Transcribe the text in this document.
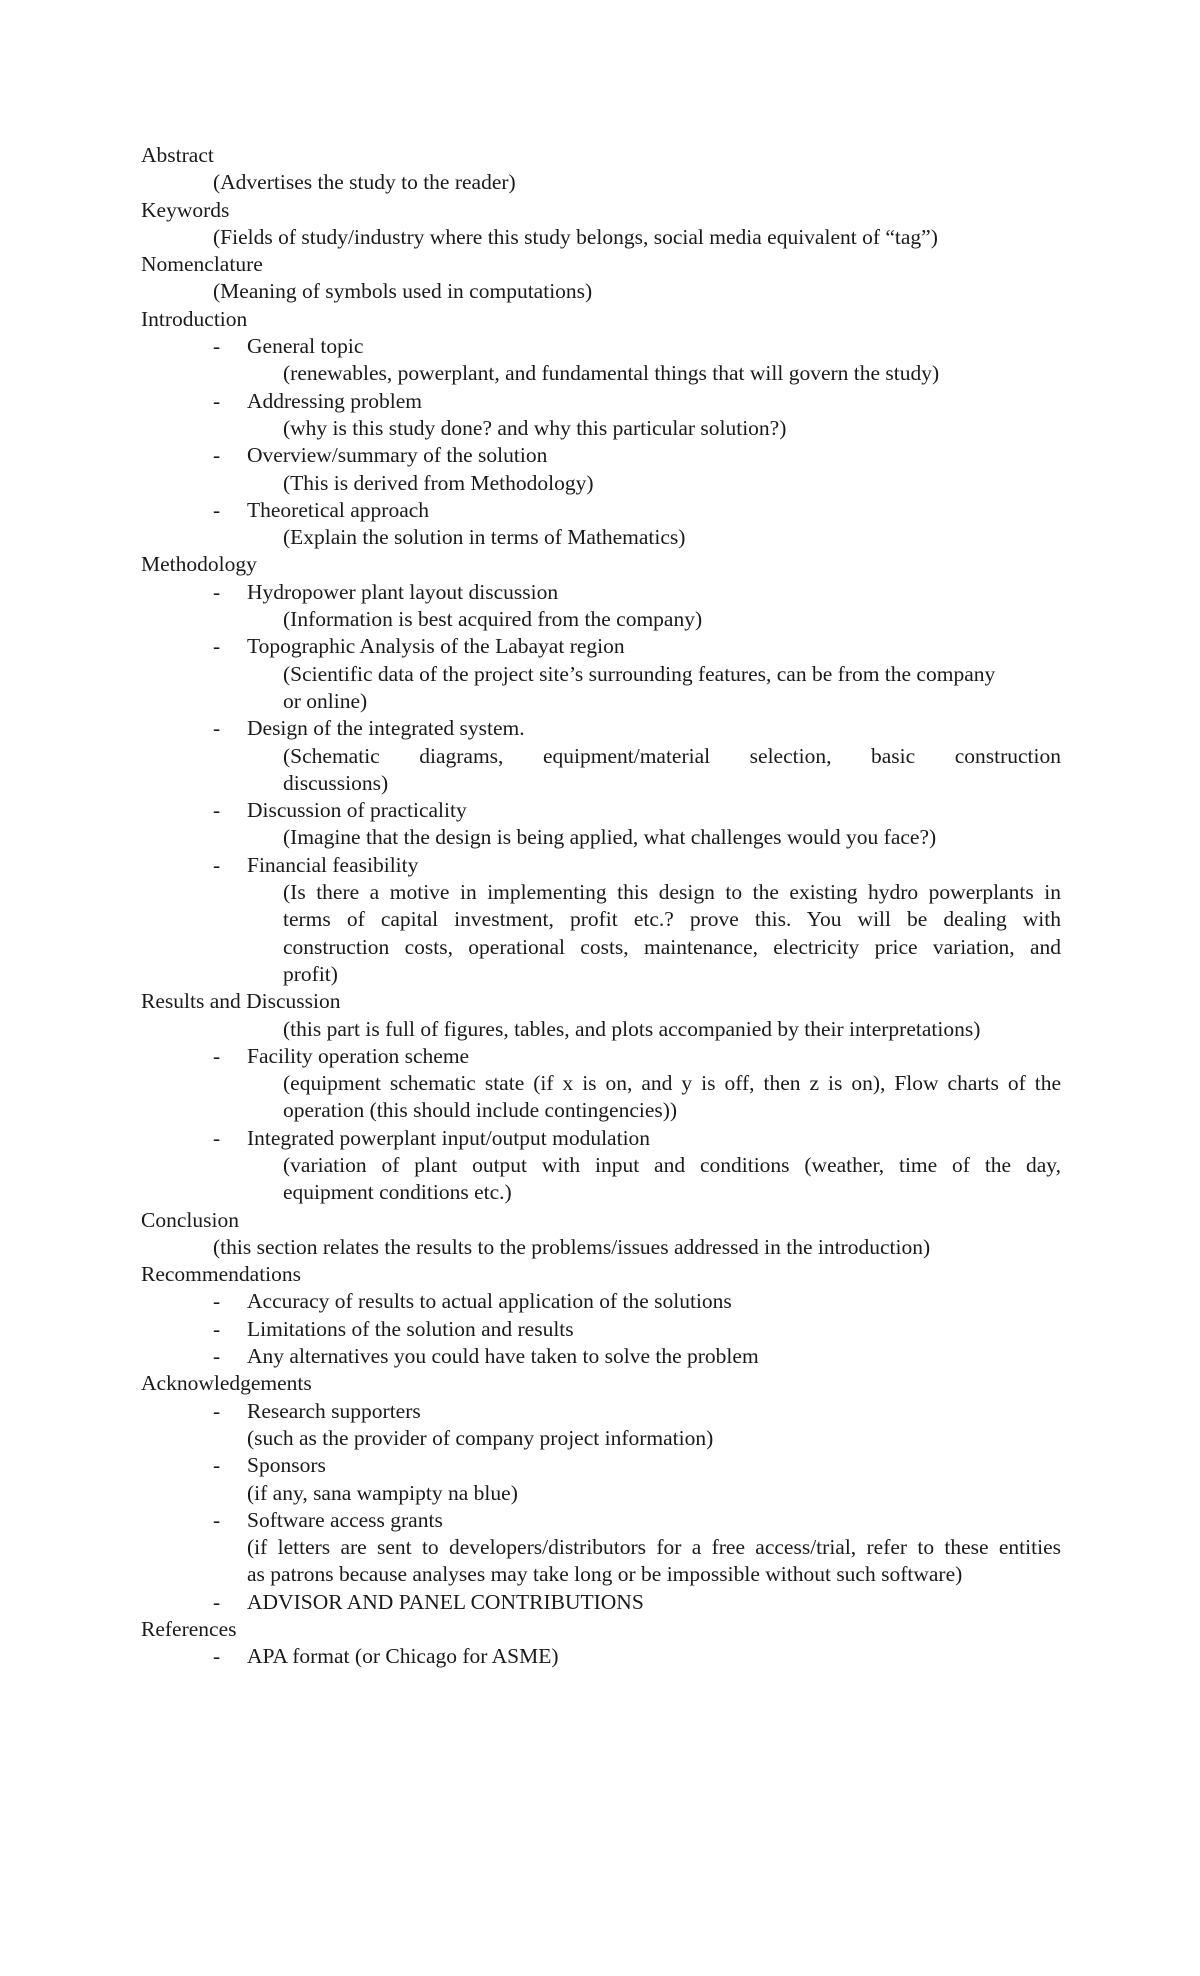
Abstract
(Advertises the study to the reader)
Keywords
(Fields of study/industry where this study belongs, social media equivalent of “tag”)
Nomenclature
(Meaning of symbols used in computations)
Introduction
- General topic
(renewables, powerplant, and fundamental things that will govern the study)
- Addressing problem
(why is this study done? and why this particular solution?)
- Overview/summary of the solution
(This is derived from Methodology)
- Theoretical approach
(Explain the solution in terms of Mathematics)
Methodology
- Hydropower plant layout discussion
(Information is best acquired from the company)
- Topographic Analysis of the Labayat region
(Scientific data of the project site’s surrounding features, can be from the company
or online)
- Design of the integrated system.
(Schematic diagrams, equipment/material selection, basic construction
discussions)
- Discussion of practicality
(Imagine that the design is being applied, what challenges would you face?)
- Financial feasibility
(Is there a motive in implementing this design to the existing hydro powerplants in
terms of capital investment, profit etc.? prove this. You will be dealing with
construction costs, operational costs, maintenance, electricity price variation, and
profit)
Results and Discussion
(this part is full of figures, tables, and plots accompanied by their interpretations)
- Facility operation scheme
(equipment schematic state (if x is on, and y is off, then z is on), Flow charts of the
operation (this should include contingencies))
- Integrated powerplant input/output modulation
(variation of plant output with input and conditions (weather, time of the day,
equipment conditions etc.)
Conclusion
(this section relates the results to the problems/issues addressed in the introduction)
Recommendations
- Accuracy of results to actual application of the solutions
- Limitations of the solution and results
- Any alternatives you could have taken to solve the problem
Acknowledgements
- Research supporters
(such as the provider of company project information)
- Sponsors
(if any, sana wampipty na blue)
- Software access grants
(if letters are sent to developers/distributors for a free access/trial, refer to these entities
as patrons because analyses may take long or be impossible without such software)
- ADVISOR AND PANEL CONTRIBUTIONS
References
- APA format (or Chicago for ASME)
